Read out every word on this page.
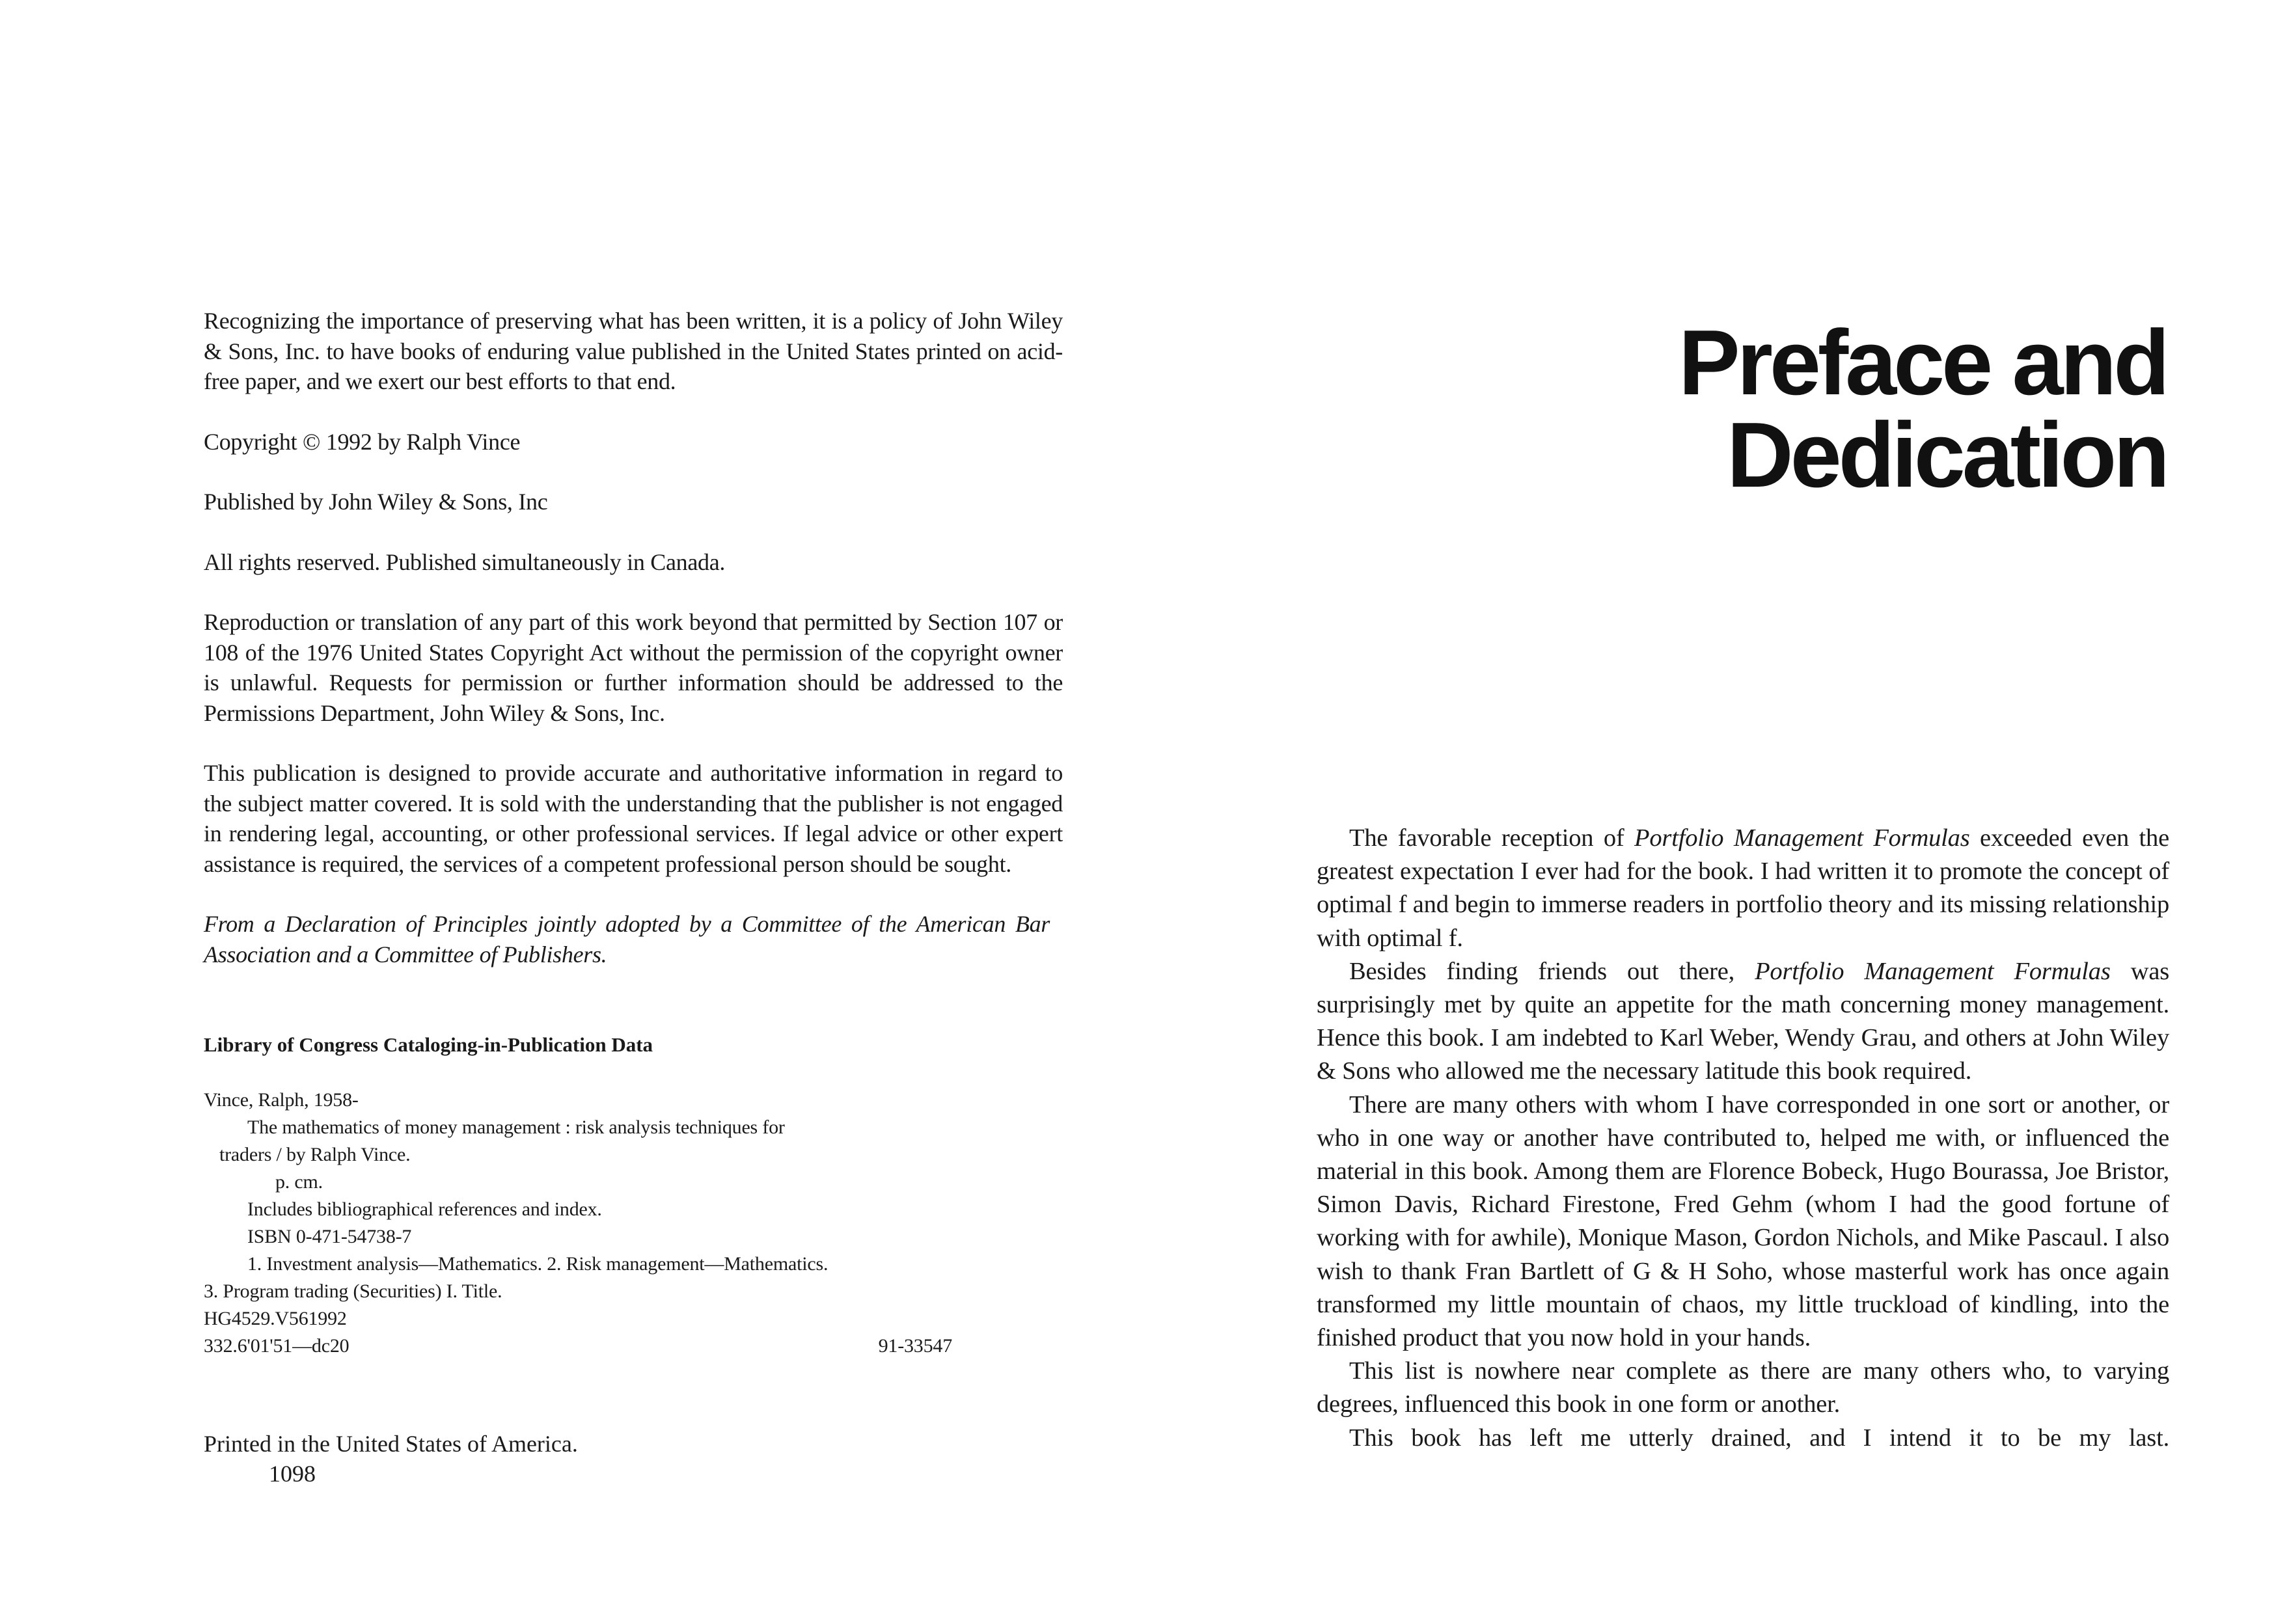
Recognizing the importance of preserving what has been written, it is a policy of John Wiley & Sons, Inc. to have books of enduring value published in the United States printed on acid-free paper, and we exert our best efforts to that end.

Copyright © 1992 by Ralph Vince

Published by John Wiley & Sons, Inc

All rights reserved. Published simultaneously in Canada.

Reproduction or translation of any part of this work beyond that permitted by Section 107 or 108 of the 1976 United States Copyright Act without the permission of the copyright owner is unlawful. Requests for permission or further information should be addressed to the Permissions Department, John Wiley & Sons, Inc.

This publication is designed to provide accurate and authoritative information in regard to the subject matter covered. It is sold with the understanding that the publisher is not engaged in rendering legal, accounting, or other professional services. If legal advice or other expert assistance is required, the services of a competent professional person should be sought.

From a Declaration of Principles jointly adopted by a Committee of the American Bar Association and a Committee of Publishers.

Library of Congress Cataloging-in-Publication Data
Vince, Ralph, 1958-
The mathematics of money management : risk analysis techniques for
traders / by Ralph Vince.
p. cm.
Includes bibliographical references and index.
ISBN 0-471-54738-7
1. Investment analysis—Mathematics. 2. Risk management—Mathematics.
3. Program trading (Securities) I. Title.
HG4529.V561992
332.6'01'51—dc20	91-33547
Printed in the United States of America.
1098
Preface and
Dedication

The favorable reception of Portfolio Management Formulas exceeded even the greatest expectation I ever had for the book. I had written it to promote the concept of optimal f and begin to immerse readers in portfolio theory and its missing relationship with optimal f.

Besides finding friends out there, Portfolio Management Formulas was surprisingly met by quite an appetite for the math concerning money management. Hence this book. I am indebted to Karl Weber, Wendy Grau, and others at John Wiley & Sons who allowed me the necessary latitude this book required.

There are many others with whom I have corresponded in one sort or another, or who in one way or another have contributed to, helped me with, or influenced the material in this book. Among them are Florence Bobeck, Hugo Bourassa, Joe Bristor, Simon Davis, Richard Firestone, Fred Gehm (whom I had the good fortune of working with for awhile), Monique Mason, Gordon Nichols, and Mike Pascaul. I also wish to thank Fran Bartlett of G & H Soho, whose masterful work has once again transformed my little mountain of chaos, my little truckload of kindling, into the finished product that you now hold in your hands.

This list is nowhere near complete as there are many others who, to varying degrees, influenced this book in one form or another.

This book has left me utterly drained, and I intend it to be my last.
